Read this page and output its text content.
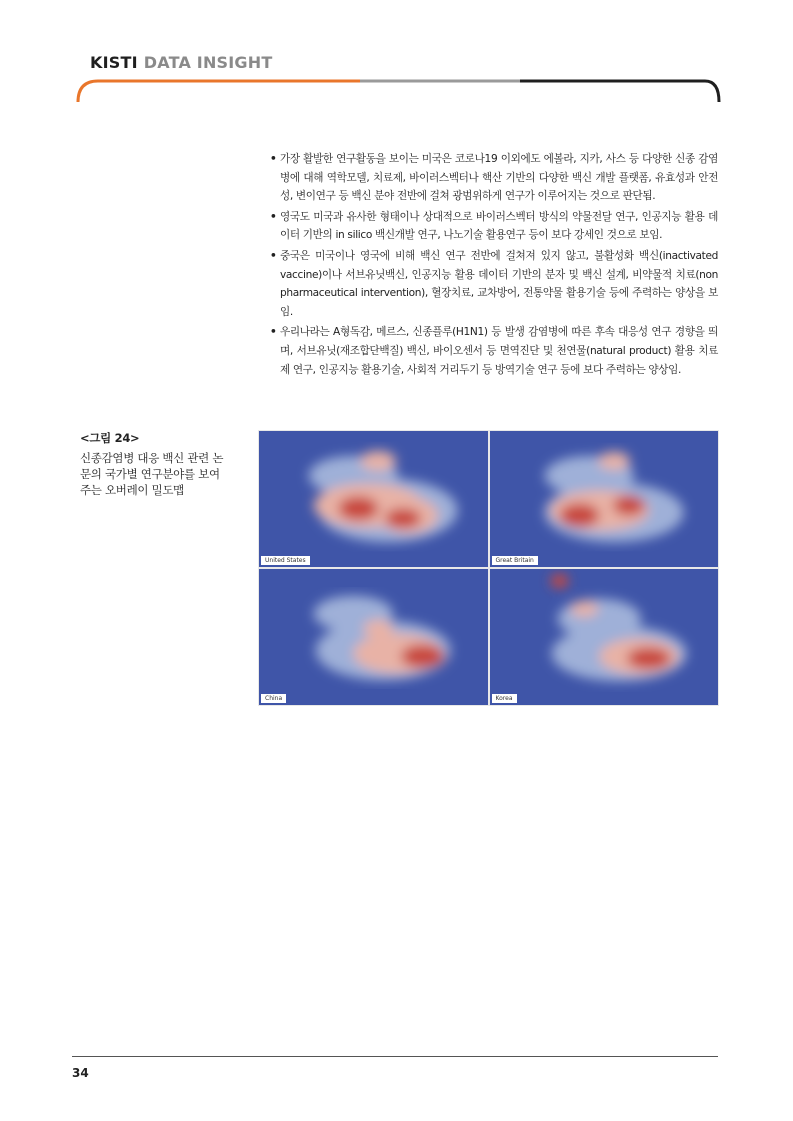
KISTI DATA INSIGHT
• 가장 활발한 연구활동을 보이는 미국은 코로나19 이외에도 에볼라, 지카, 사스 등 다양한 신종 감염병에 대해 역학모델, 치료제, 바이러스벡터나 핵산 기반의 다양한 백신 개발 플랫폼, 유효성과 안전성, 변이연구 등 백신 분야 전반에 걸쳐 광범위하게 연구가 이루어지는 것으로 판단됨.
• 영국도 미국과 유사한 형태이나 상대적으로 바이러스벡터 방식의 약물전달 연구, 인공지능 활용 데이터 기반의 in silico 백신개발 연구, 나노기술 활용연구 등이 보다 강세인 것으로 보임.
• 중국은 미국이나 영국에 비해 백신 연구 전반에 걸쳐져 있지 않고, 불활성화 백신(inactivated vaccine)이나 서브유닛백신, 인공지능 활용 데이터 기반의 분자 및 백신 설계, 비약물적 치료(non pharmaceutical intervention), 혈장치료, 교차방어, 전통약물 활용기술 등에 주력하는 양상을 보임.
• 우리나라는 A형독감, 메르스, 신종플루(H1N1) 등 발생 감염병에 따른 후속 대응성 연구 경향을 띄며, 서브유닛(재조합단백질) 백신, 바이오센서 등 면역진단 및 천연물(natural product) 활용 치료제 연구, 인공지능 활용기술, 사회적 거리두기 등 방역기술 연구 등에 보다 주력하는 양상임.
<그림 24>
신종감염병 대응 백신 관련 논문의 국가별 연구분야를 보여주는 오버레이 밀도맵
United States	Great Britain
China	Korea
34
